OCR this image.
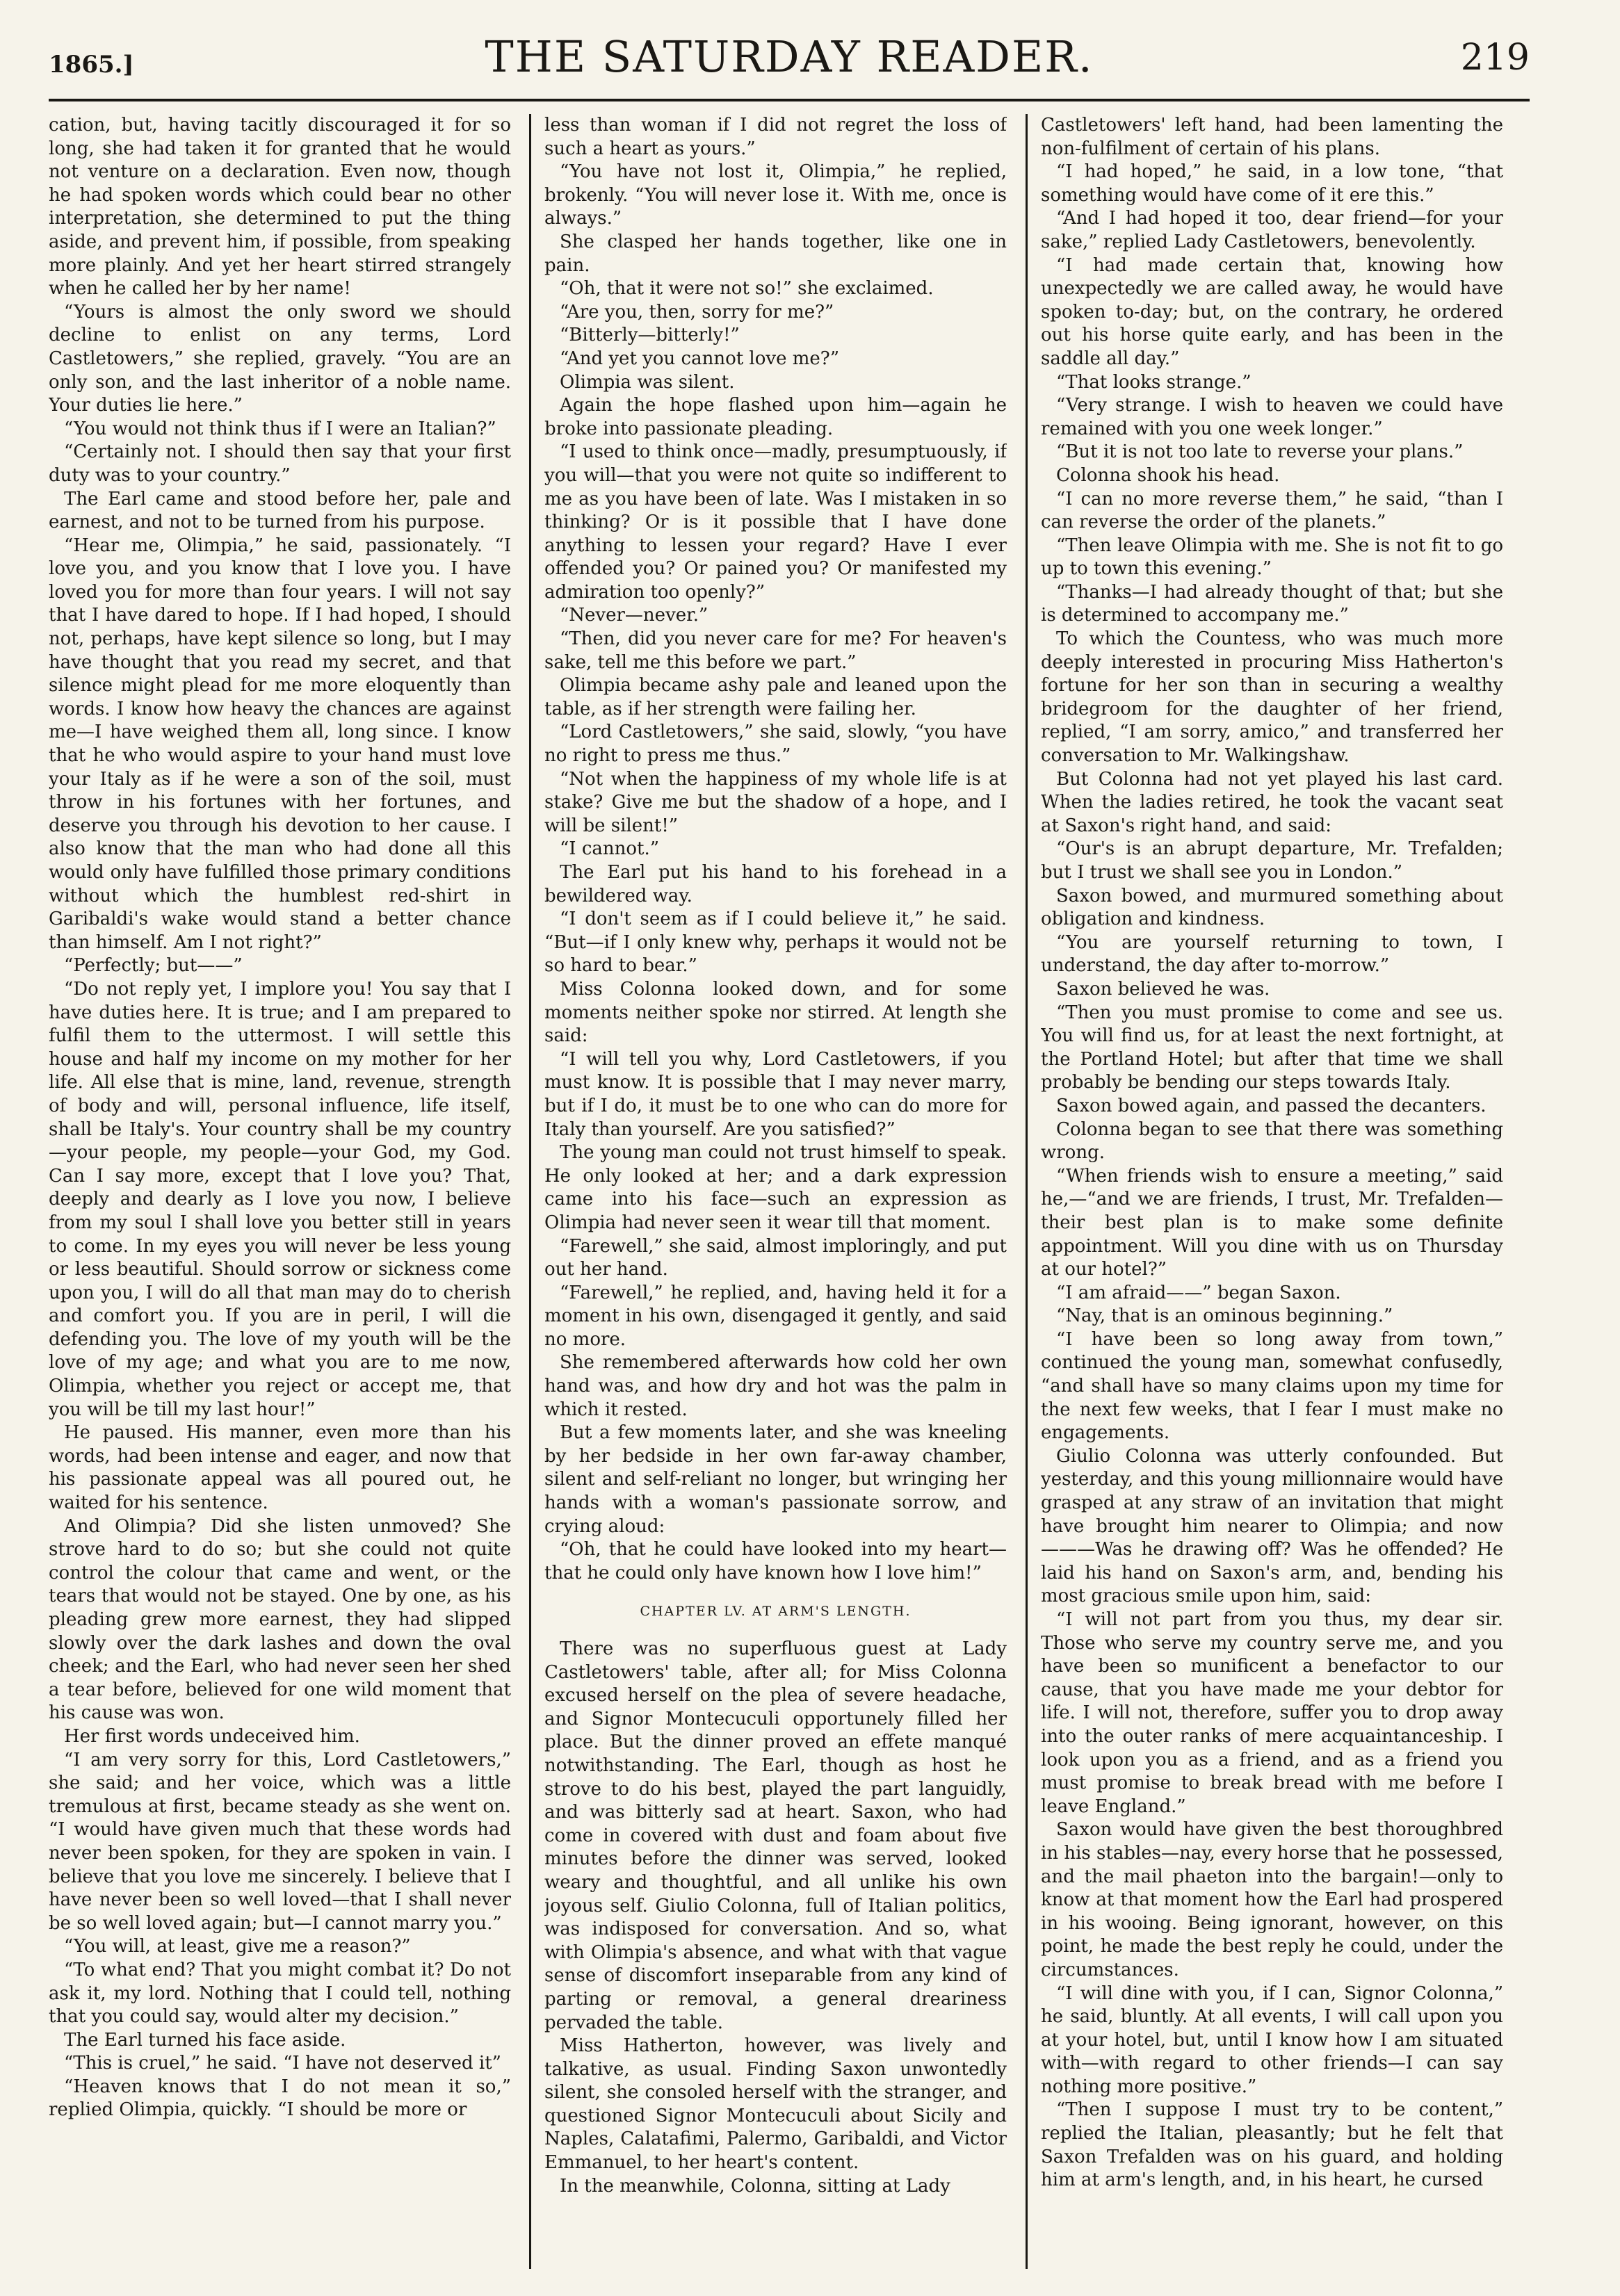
1865.]	THE SATURDAY READER.	219

cation, but, having tacitly discouraged it for so long, she had taken it for granted that he would not venture on a declaration. Even now, though he had spoken words which could bear no other interpretation, she determined to put the thing aside, and prevent him, if possible, from speaking more plainly. And yet her heart stirred strangely when he called her by her name!

“Yours is almost the only sword we should decline to enlist on any terms, Lord Castletowers,” she replied, gravely. “You are an only son, and the last inheritor of a noble name. Your duties lie here.”

“You would not think thus if I were an Italian?”

“Certainly not. I should then say that your first duty was to your country.”

The Earl came and stood before her, pale and earnest, and not to be turned from his purpose.

“Hear me, Olimpia,” he said, passionately. “I love you, and you know that I love you. I have loved you for more than four years. I will not say that I have dared to hope. If I had hoped, I should not, perhaps, have kept silence so long, but I may have thought that you read my secret, and that silence might plead for me more eloquently than words. I know how heavy the chances are against me—I have weighed them all, long since. I know that he who would aspire to your hand must love your Italy as if he were a son of the soil, must throw in his fortunes with her fortunes, and deserve you through his devotion to her cause. I also know that the man who had done all this would only have fulfilled those primary conditions without which the humblest red-shirt in Garibaldi's wake would stand a better chance than himself. Am I not right?”

“Perfectly; but——”

“Do not reply yet, I implore you! You say that I have duties here. It is true; and I am prepared to fulfil them to the uttermost. I will settle this house and half my income on my mother for her life. All else that is mine, land, revenue, strength of body and will, personal influence, life itself, shall be Italy's. Your country shall be my country—your people, my people—your God, my God. Can I say more, except that I love you? That, deeply and dearly as I love you now, I believe from my soul I shall love you better still in years to come. In my eyes you will never be less young or less beautiful. Should sorrow or sickness come upon you, I will do all that man may do to cherish and comfort you. If you are in peril, I will die defending you. The love of my youth will be the love of my age; and what you are to me now, Olimpia, whether you reject or accept me, that you will be till my last hour!”

He paused. His manner, even more than his words, had been intense and eager, and now that his passionate appeal was all poured out, he waited for his sentence.

And Olimpia? Did she listen unmoved? She strove hard to do so; but she could not quite control the colour that came and went, or the tears that would not be stayed. One by one, as his pleading grew more earnest, they had slipped slowly over the dark lashes and down the oval cheek; and the Earl, who had never seen her shed a tear before, believed for one wild moment that his cause was won.

Her first words undeceived him.

“I am very sorry for this, Lord Castletowers,” she said; and her voice, which was a little tremulous at first, became steady as she went on. “I would have given much that these words had never been spoken, for they are spoken in vain. I believe that you love me sincerely. I believe that I have never been so well loved—that I shall never be so well loved again; but—I cannot marry you.”

“You will, at least, give me a reason?”

“To what end? That you might combat it? Do not ask it, my lord. Nothing that I could tell, nothing that you could say, would alter my decision.”

The Earl turned his face aside.

“This is cruel,” he said. “I have not deserved it”

“Heaven knows that I do not mean it so,” replied Olimpia, quickly. “I should be more or

less than woman if I did not regret the loss of such a heart as yours.”

“You have not lost it, Olimpia,” he replied, brokenly. “You will never lose it. With me, once is always.”

She clasped her hands together, like one in pain.

“Oh, that it were not so!” she exclaimed.

“Are you, then, sorry for me?”

“Bitterly—bitterly!”

“And yet you cannot love me?”

Olimpia was silent.

Again the hope flashed upon him—again he broke into passionate pleading.

“I used to think once—madly, presumptuously, if you will—that you were not quite so indifferent to me as you have been of late. Was I mistaken in so thinking? Or is it possible that I have done anything to lessen your regard? Have I ever offended you? Or pained you? Or manifested my admiration too openly?”

“Never—never.”

“Then, did you never care for me? For heaven's sake, tell me this before we part.”

Olimpia became ashy pale and leaned upon the table, as if her strength were failing her.

“Lord Castletowers,” she said, slowly, “you have no right to press me thus.”

“Not when the happiness of my whole life is at stake? Give me but the shadow of a hope, and I will be silent!”

“I cannot.”

The Earl put his hand to his forehead in a bewildered way.

“I don't seem as if I could believe it,” he said. “But—if I only knew why, perhaps it would not be so hard to bear.”

Miss Colonna looked down, and for some moments neither spoke nor stirred. At length she said:

“I will tell you why, Lord Castletowers, if you must know. It is possible that I may never marry, but if I do, it must be to one who can do more for Italy than yourself. Are you satisfied?”

The young man could not trust himself to speak. He only looked at her; and a dark expression came into his face—such an expression as Olimpia had never seen it wear till that moment.

“Farewell,” she said, almost imploringly, and put out her hand.

“Farewell,” he replied, and, having held it for a moment in his own, disengaged it gently, and said no more.

She remembered afterwards how cold her own hand was, and how dry and hot was the palm in which it rested.

But a few moments later, and she was kneeling by her bedside in her own far-away chamber, silent and self-reliant no longer, but wringing her hands with a woman's passionate sorrow, and crying aloud:

“Oh, that he could have looked into my heart—that he could only have known how I love him!”

CHAPTER LV. AT ARM'S LENGTH.

There was no superfluous guest at Lady Castletowers' table, after all; for Miss Colonna excused herself on the plea of severe headache, and Signor Montecuculi opportunely filled her place. But the dinner proved an effete manqué notwithstanding. The Earl, though as host he strove to do his best, played the part languidly, and was bitterly sad at heart. Saxon, who had come in covered with dust and foam about five minutes before the dinner was served, looked weary and thoughtful, and all unlike his own joyous self. Giulio Colonna, full of Italian politics, was indisposed for conversation. And so, what with Olimpia's absence, and what with that vague sense of discomfort inseparable from any kind of parting or removal, a general dreariness pervaded the table.

Miss Hatherton, however, was lively and talkative, as usual. Finding Saxon unwontedly silent, she consoled herself with the stranger, and questioned Signor Montecuculi about Sicily and Naples, Calatafimi, Palermo, Garibaldi, and Victor Emmanuel, to her heart's content.

In the meanwhile, Colonna, sitting at Lady

Castletowers' left hand, had been lamenting the non-fulfilment of certain of his plans.

“I had hoped,” he said, in a low tone, “that something would have come of it ere this.”

“And I had hoped it too, dear friend—for your sake,” replied Lady Castletowers, benevolently.

“I had made certain that, knowing how unexpectedly we are called away, he would have spoken to-day; but, on the contrary, he ordered out his horse quite early, and has been in the saddle all day.”

“That looks strange.”

“Very strange. I wish to heaven we could have remained with you one week longer.”

“But it is not too late to reverse your plans.”

Colonna shook his head.

“I can no more reverse them,” he said, “than I can reverse the order of the planets.”

“Then leave Olimpia with me. She is not fit to go up to town this evening.”

“Thanks—I had already thought of that; but she is determined to accompany me.”

To which the Countess, who was much more deeply interested in procuring Miss Hatherton's fortune for her son than in securing a wealthy bridegroom for the daughter of her friend, replied, “I am sorry, amico,” and transferred her conversation to Mr. Walkingshaw.

But Colonna had not yet played his last card. When the ladies retired, he took the vacant seat at Saxon's right hand, and said:

“Our's is an abrupt departure, Mr. Trefalden; but I trust we shall see you in London.”

Saxon bowed, and murmured something about obligation and kindness.

“You are yourself returning to town, I understand, the day after to-morrow.”

Saxon believed he was.

“Then you must promise to come and see us. You will find us, for at least the next fortnight, at the Portland Hotel; but after that time we shall probably be bending our steps towards Italy.

Saxon bowed again, and passed the decanters.

Colonna began to see that there was something wrong.

“When friends wish to ensure a meeting,” said he,—“and we are friends, I trust, Mr. Trefalden—their best plan is to make some definite appointment. Will you dine with us on Thursday at our hotel?”

“I am afraid——” began Saxon.

“Nay, that is an ominous beginning.”

“I have been so long away from town,” continued the young man, somewhat confusedly, “and shall have so many claims upon my time for the next few weeks, that I fear I must make no engagements.

Giulio Colonna was utterly confounded. But yesterday, and this young millionnaire would have grasped at any straw of an invitation that might have brought him nearer to Olimpia; and now———Was he drawing off? Was he offended? He laid his hand on Saxon's arm, and, bending his most gracious smile upon him, said:

“I will not part from you thus, my dear sir. Those who serve my country serve me, and you have been so munificent a benefactor to our cause, that you have made me your debtor for life. I will not, therefore, suffer you to drop away into the outer ranks of mere acquaintanceship. I look upon you as a friend, and as a friend you must promise to break bread with me before I leave England.”

Saxon would have given the best thoroughbred in his stables—nay, every horse that he possessed, and the mail phaeton into the bargain!—only to know at that moment how the Earl had prospered in his wooing. Being ignorant, however, on this point, he made the best reply he could, under the circumstances.

“I will dine with you, if I can, Signor Colonna,” he said, bluntly. At all events, I will call upon you at your hotel, but, until I know how I am situated with—with regard to other friends—I can say nothing more positive.”

“Then I suppose I must try to be content,” replied the Italian, pleasantly; but he felt that Saxon Trefalden was on his guard, and holding him at arm's length, and, in his heart, he cursed
